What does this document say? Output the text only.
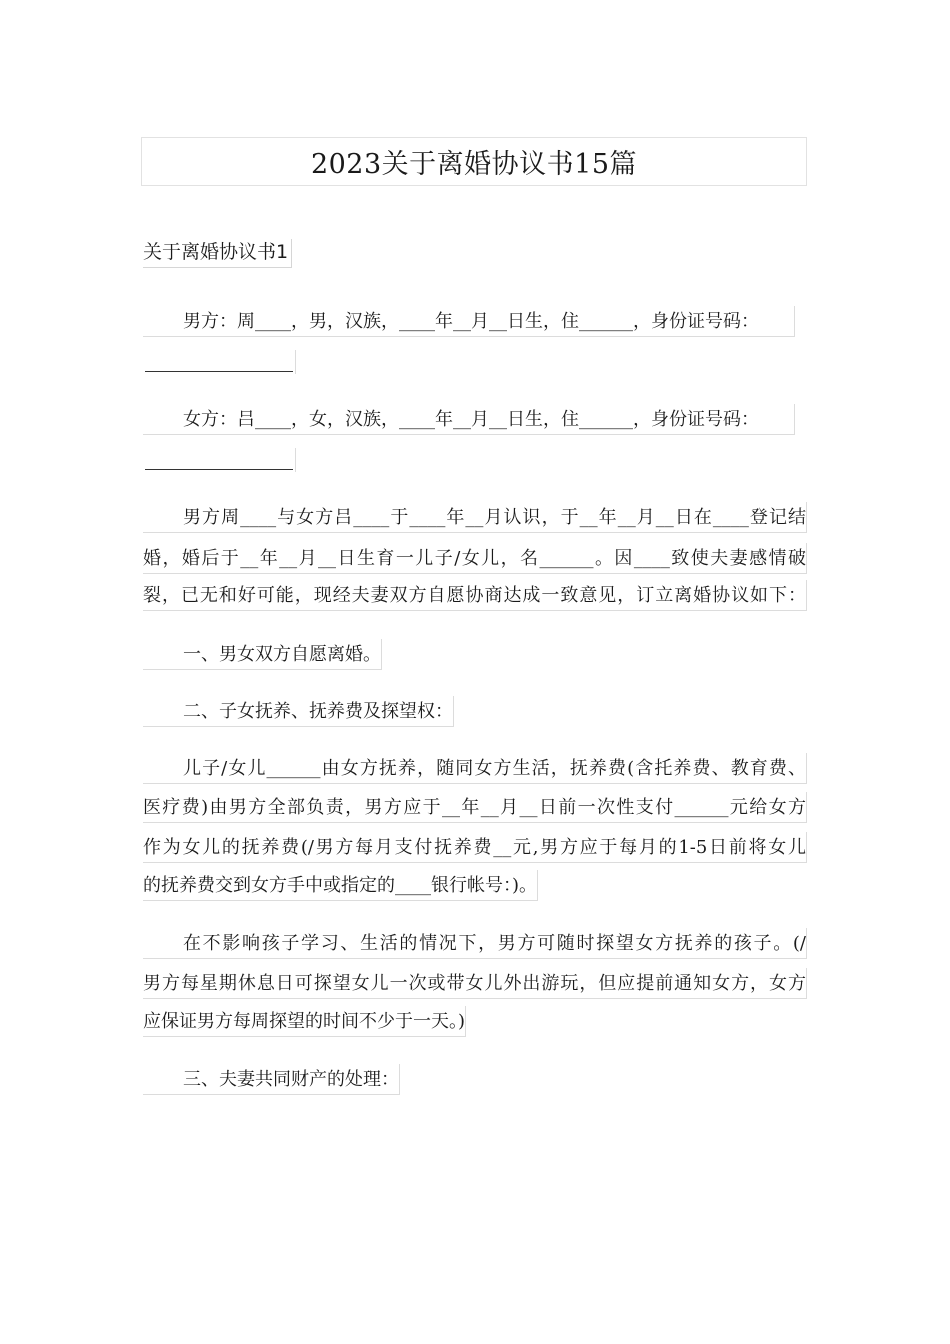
2023关于离婚协议书15篇
关于离婚协议书1
男方：周____，男，汉族，____年__月__日生，住______，身份证号码：
女方：吕____，女，汉族，____年__月__日生，住______，身份证号码：
男方周____与女方吕____于____年__月认识，于__年__月__日在____登记结
婚，婚后于__年__月__日生育一儿子/女儿，名______。因____致使夫妻感情破
裂，已无和好可能，现经夫妻双方自愿协商达成一致意见，订立离婚协议如下：
一、男女双方自愿离婚。
二、子女抚养、抚养费及探望权：
儿子/女儿______由女方抚养，随同女方生活，抚养费(含托养费、教育费、
医疗费)由男方全部负责，男方应于__年__月__日前一次性支付______元给女方
作为女儿的抚养费(/男方每月支付抚养费__元,男方应于每月的1-5日前将女儿
的抚养费交到女方手中或指定的____银行帐号：)。
在不影响孩子学习、生活的情况下，男方可随时探望女方抚养的孩子。(/
男方每星期休息日可探望女儿一次或带女儿外出游玩，但应提前通知女方，女方
应保证男方每周探望的时间不少于一天。)
三、夫妻共同财产的处理：
